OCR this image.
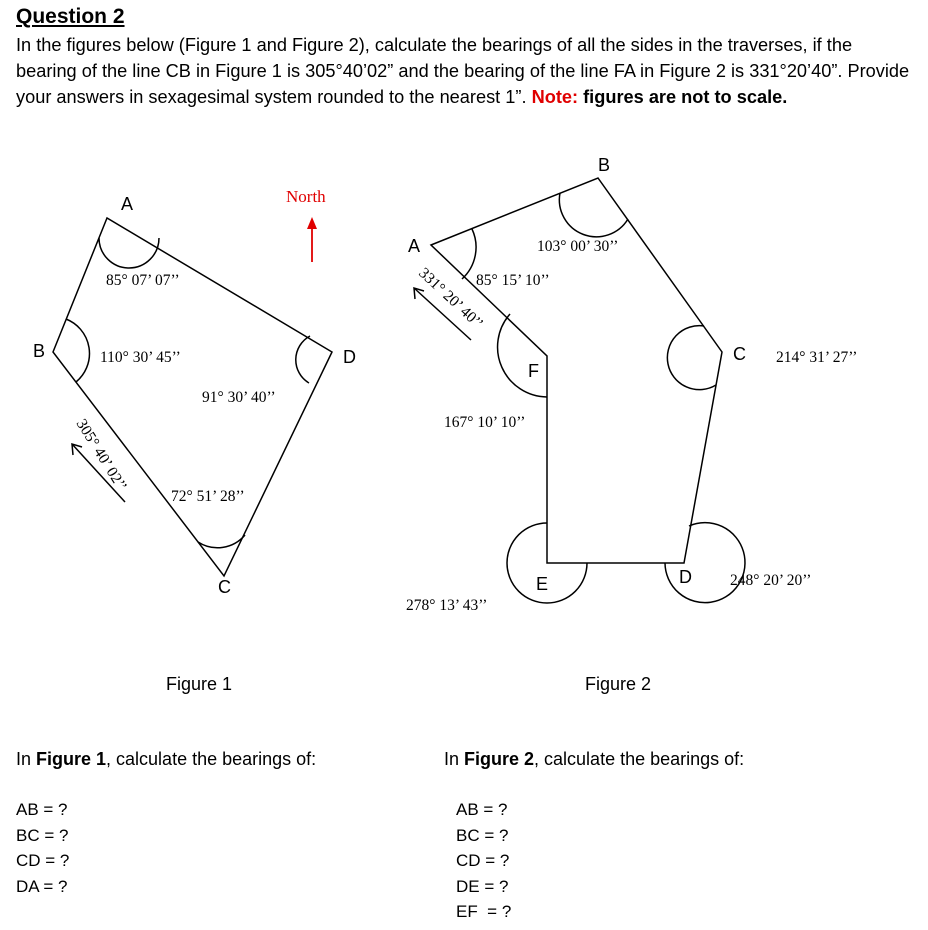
Question 2
In the figures below (Figure 1 and Figure 2), calculate the bearings of all the sides in the traverses, if the bearing of the line CB in Figure 1 is 305°40’02” and the bearing of the line FA in Figure 2 is 331°20’40”. Provide your answers in sexagesimal system rounded to the nearest 1”. Note: figures are not to scale.
North
A
B	D
C
85° 07’ 07’’
110° 30’ 45’’
91° 30’ 40’’
72° 51’ 28’’
305° 40’ 02’’
B
A
C
F
E	D
103° 00’ 30’’
85° 15’ 10’’
167° 10’ 10’’
214° 31’ 27’’
248° 20’ 20’’
278° 13’ 43’’
331° 20’ 40’’
Figure 1	Figure 2
In Figure 1, calculate the bearings of:	In Figure 2, calculate the bearings of:
AB = ?
BC = ?
CD = ?
DA = ?
AB = ?
BC = ?
CD = ?
DE = ?
EF  = ?
